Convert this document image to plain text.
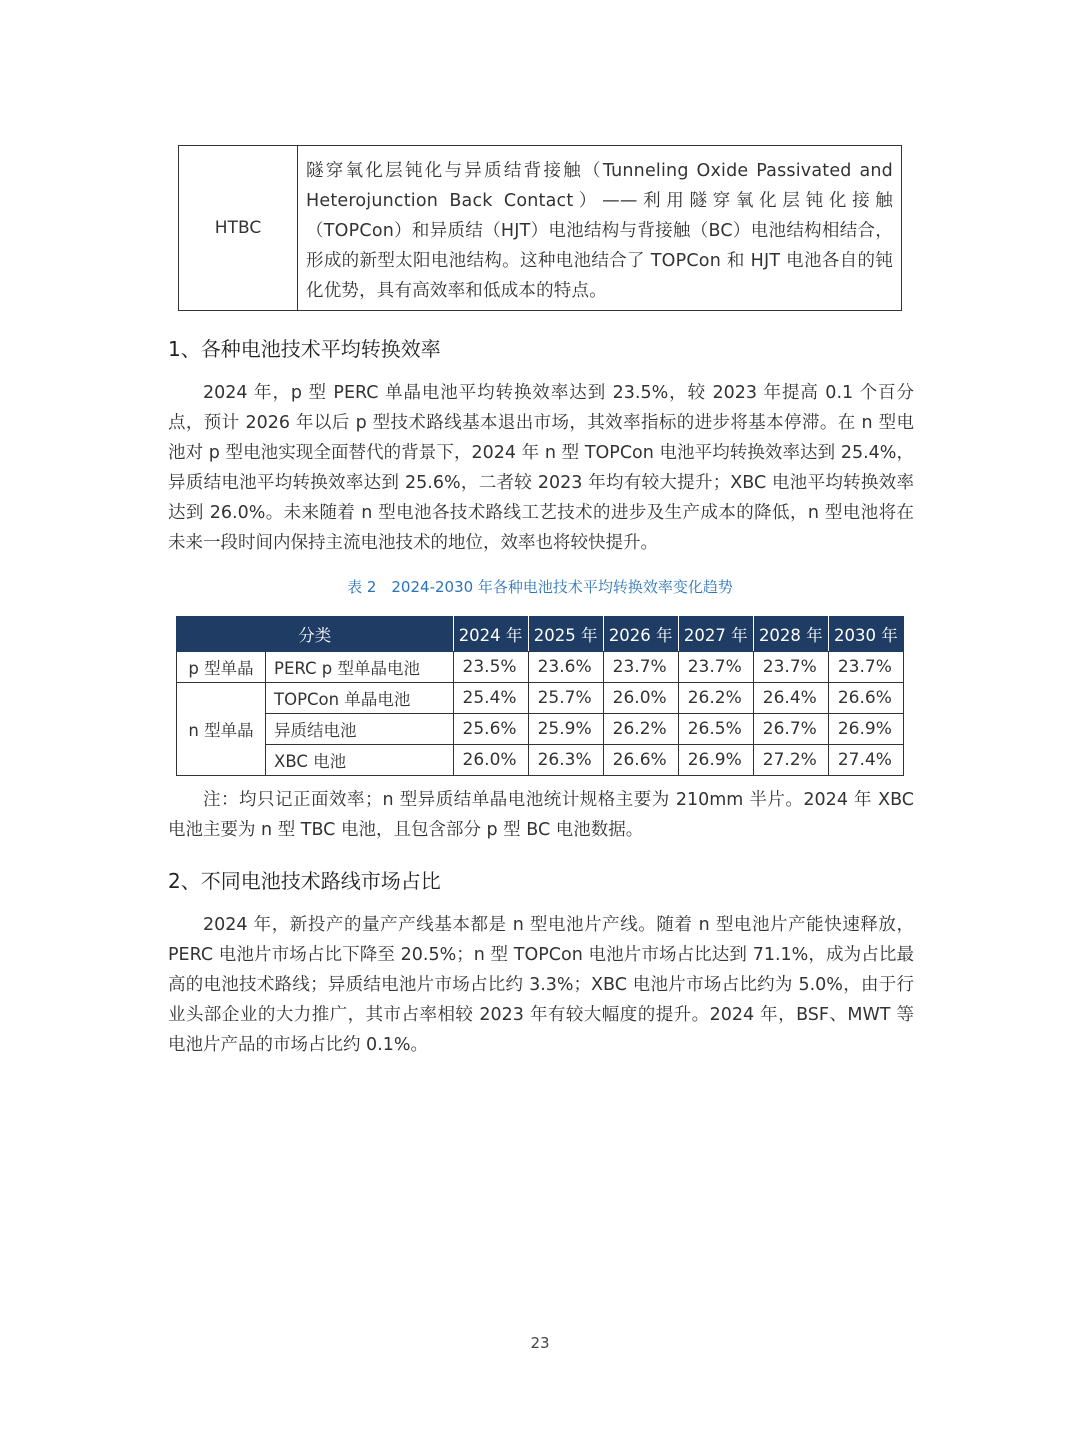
HTBC
隧穿氧化层钝化与异质结背接触（Tunneling Oxide Passivated and Heterojunction Back Contact）——利用隧穿氧化层钝化接触（TOPCon）和异质结（HJT）电池结构与背接触（BC）电池结构相结合，形成的新型太阳电池结构。这种电池结合了 TOPCon 和 HJT 电池各自的钝化优势，具有高效率和低成本的特点。
1、各种电池技术平均转换效率

2024 年，p 型 PERC 单晶电池平均转换效率达到 23.5%，较 2023 年提高 0.1 个百分点，预计 2026 年以后 p 型技术路线基本退出市场，其效率指标的进步将基本停滞。在 n 型电池对 p 型电池实现全面替代的背景下，2024 年 n 型 TOPCon 电池平均转换效率达到 25.4%，异质结电池平均转换效率达到 25.6%，二者较 2023 年均有较大提升；XBC 电池平均转换效率达到 26.0%。未来随着 n 型电池各技术路线工艺技术的进步及生产成本的降低，n 型电池将在未来一段时间内保持主流电池技术的地位，效率也将较快提升。

表 2　2024-2030 年各种电池技术平均转换效率变化趋势
分类		2024 年	2025 年	2026 年	2027 年	2028 年	2030 年
p 型单晶	PERC p 型单晶电池	23.5%	23.6%	23.7%	23.7%	23.7%	23.7%
n 型单晶	TOPCon 单晶电池	25.4%	25.7%	26.0%	26.2%	26.4%	26.6%
	异质结电池	25.6%	25.9%	26.2%	26.5%	26.7%	26.9%
	XBC 电池	26.0%	26.3%	26.6%	26.9%	27.2%	27.4%

注：均只记正面效率；n 型异质结单晶电池统计规格主要为 210mm 半片。2024 年 XBC 电池主要为 n 型 TBC 电池，且包含部分 p 型 BC 电池数据。

2、不同电池技术路线市场占比

2024 年，新投产的量产产线基本都是 n 型电池片产线。随着 n 型电池片产能快速释放，PERC 电池片市场占比下降至 20.5%；n 型 TOPCon 电池片市场占比达到 71.1%，成为占比最高的电池技术路线；异质结电池片市场占比约 3.3%；XBC 电池片市场占比约为 5.0%，由于行业头部企业的大力推广，其市占率相较 2023 年有较大幅度的提升。2024 年，BSF、MWT 等电池片产品的市场占比约 0.1%。

23
